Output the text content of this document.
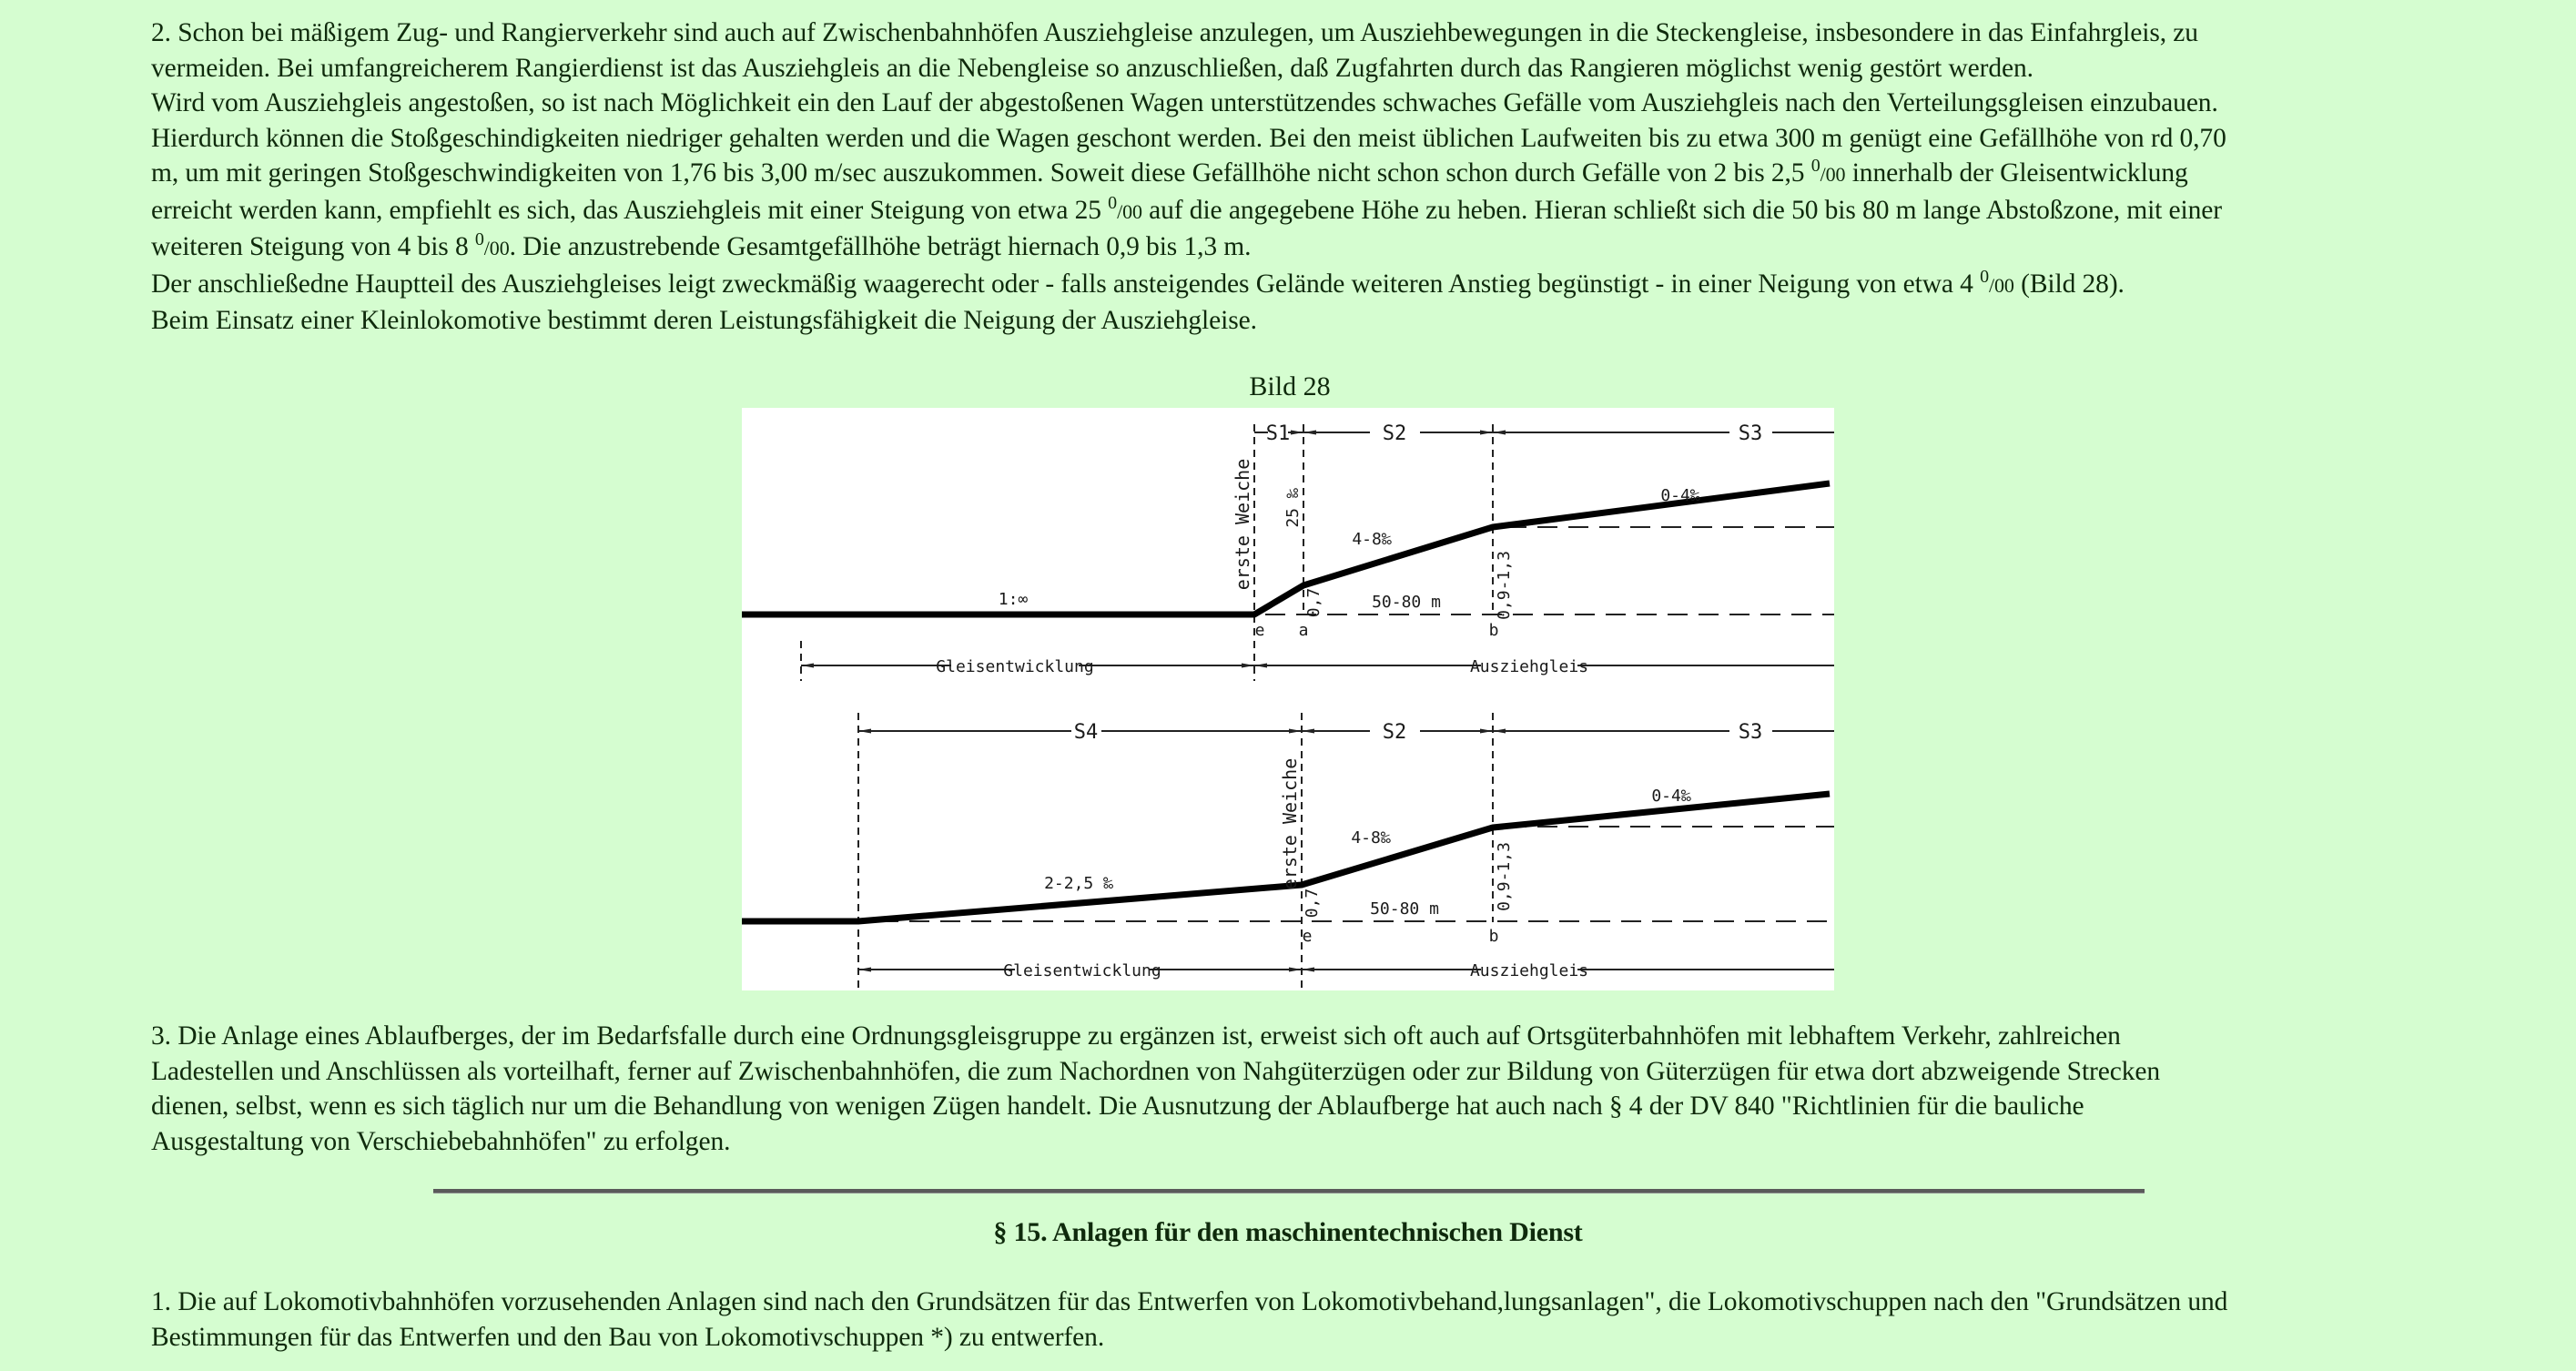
2. Schon bei mäßigem Zug- und Rangierverkehr sind auch auf Zwischenbahnhöfen Ausziehgleise anzulegen, um Ausziehbewegungen in die Steckengleise, insbesondere in das Einfahrgleis, zu
vermeiden. Bei umfangreicherem Rangierdienst ist das Ausziehgleis an die Nebengleise so anzuschließen, daß Zugfahrten durch das Rangieren möglichst wenig gestört werden.
Wird vom Ausziehgleis angestoßen, so ist nach Möglichkeit ein den Lauf der abgestoßenen Wagen unterstützendes schwaches Gefälle vom Ausziehgleis nach den Verteilungsgleisen einzubauen.
Hierdurch können die Stoßgeschindigkeiten niedriger gehalten werden und die Wagen geschont werden. Bei den meist üblichen Laufweiten bis zu etwa 300 m genügt eine Gefällhöhe von rd 0,70
m, um mit geringen Stoßgeschwindigkeiten von 1,76 bis 3,00 m/sec auszukommen. Soweit diese Gefällhöhe nicht schon schon durch Gefälle von 2 bis 2,5 $^0$/00 innerhalb der Gleisentwicklung
erreicht werden kann, empfiehlt es sich, das Ausziehgleis mit einer Steigung von etwa 25 $^0$/00 auf die angegebene Höhe zu heben. Hieran schließt sich die 50 bis 80 m lange Abstoßzone, mit einer
weiteren Steigung von 4 bis 8 $^0$/00. Die anzustrebende Gesamtgefällhöhe beträgt hiernach 0,9 bis 1,3 m.
Der anschließedne Hauptteil des Ausziehgleises leigt zweckmäßig waagerecht oder - falls ansteigendes Gelände weiteren Anstieg begünstigt - in einer Neigung von etwa 4 $^0$/00 (Bild 28).
Beim Einsatz einer Kleinlokomotive bestimmt deren Leistungsfähigkeit die Neigung der Ausziehgleise.
Bild 28
S1	S2	S3
1:∞
erste Weiche 25 ‰
4-8‰
0-4‰
0,7	0,9-1,3
50-80 m
e a	b
Gleisentwicklung	Ausziehgleis
S4	S2	S3
erste Weiche
2-2,5 ‰
4-8‰
0-4‰
0,7	0,9-1,3
50-80 m
e	b
Gleisentwicklung	Ausziehgleis
3. Die Anlage eines Ablaufberges, der im Bedarfsfalle durch eine Ordnungsgleisgruppe zu ergänzen ist, erweist sich oft auch auf Ortsgüterbahnhöfen mit lebhaftem Verkehr, zahlreichen
Ladestellen und Anschlüssen als vorteilhaft, ferner auf Zwischenbahnhöfen, die zum Nachordnen von Nahgüterzügen oder zur Bildung von Güterzügen für etwa dort abzweigende Strecken
dienen, selbst, wenn es sich täglich nur um die Behandlung von wenigen Zügen handelt. Die Ausnutzung der Ablaufberge hat auch nach § 4 der DV 840 "Richtlinien für die bauliche
Ausgestaltung von Verschiebebahnhöfen" zu erfolgen.
§ 15. Anlagen für den maschinentechnischen Dienst
1. Die auf Lokomotivbahnhöfen vorzusehenden Anlagen sind nach den Grundsätzen für das Entwerfen von Lokomotivbehand,lungsanlagen", die Lokomotivschuppen nach den "Grundsätzen und
Bestimmungen für das Entwerfen und den Bau von Lokomotivschuppen *) zu entwerfen.
